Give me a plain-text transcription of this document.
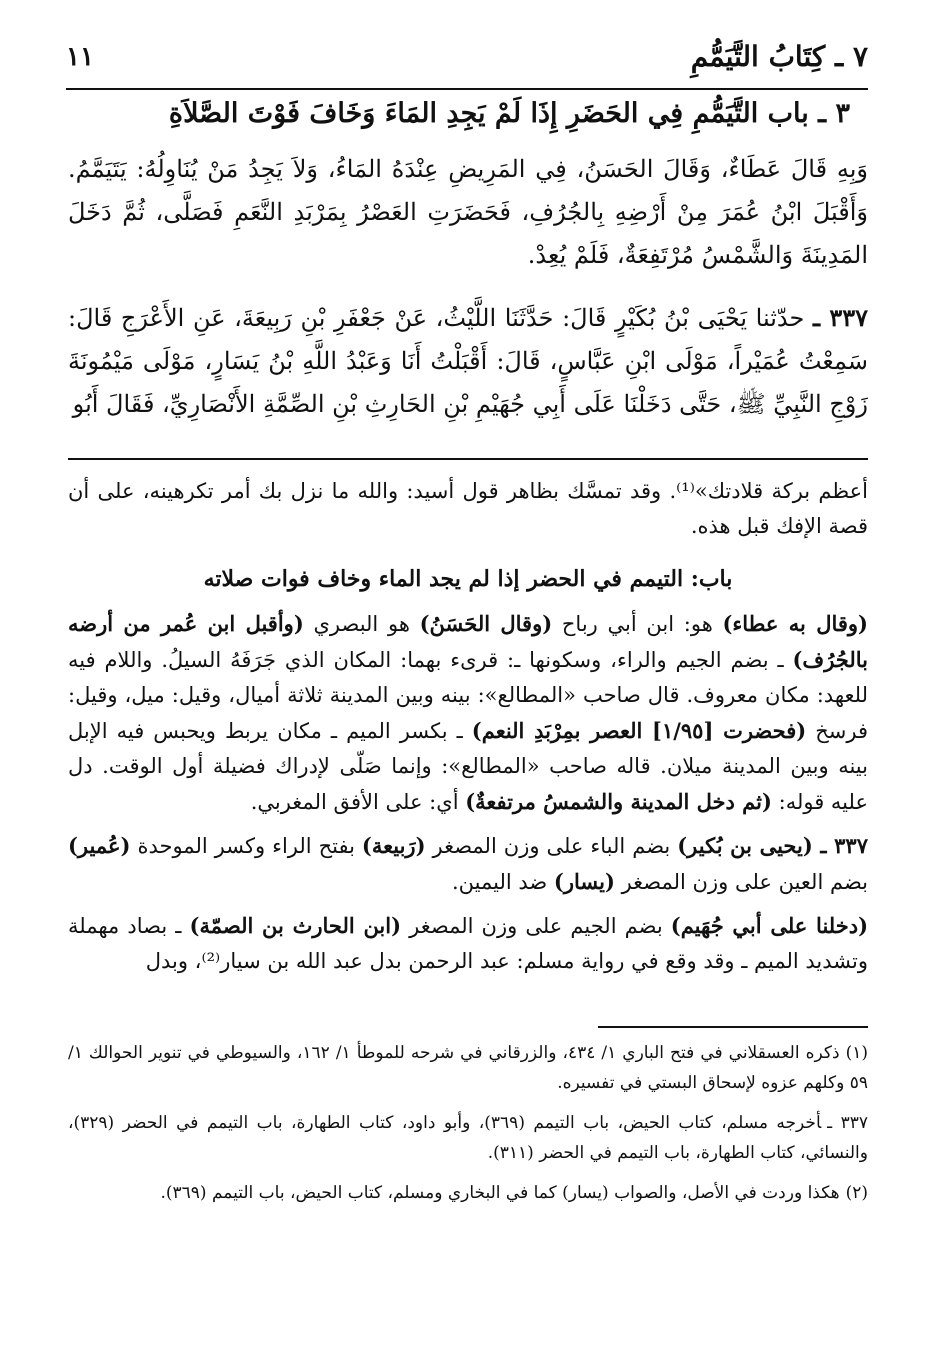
٧ ـ كِتَابُ التَّيَمُّمِ
١١
٣ ـ باب التَّيَمُّمِ فِي الحَضَرِ إِذَا لَمْ يَجِدِ المَاءَ وَخَافَ فَوْتَ الصَّلاَةِ

وَبِهِ قَالَ عَطَاءٌ، وَقَالَ الحَسَنُ، فِي المَرِيضِ عِنْدَهُ المَاءُ، وَلاَ يَجِدُ مَنْ يُنَاوِلُهُ: يَتَيَمَّمُ. وَأَقْبَلَ ابْنُ عُمَرَ مِنْ أَرْضِهِ بِالجُرُفِ، فَحَضَرَتِ العَصْرُ بِمَرْبَدِ النَّعَمِ فَصَلَّى، ثُمَّ دَخَلَ المَدِينَةَ وَالشَّمْسُ مُرْتَفِعَةٌ، فَلَمْ يُعِدْ.

٣٣٧ ـ حدّثنا يَحْيَى بْنُ بُكَيْرٍ قَالَ: حَدَّثَنَا اللَّيْثُ، عَنْ جَعْفَرِ بْنِ رَبِيعَةَ، عَنِ الأَعْرَجِ قَالَ: سَمِعْتُ عُمَيْراً، مَوْلَى ابْنِ عَبَّاسٍ، قَالَ: أَقْبَلْتُ أَنَا وَعَبْدُ اللَّهِ بْنُ يَسَارٍ، مَوْلَى مَيْمُونَةَ زَوْجِ النَّبِيِّ ﷺ، حَتَّى دَخَلْنَا عَلَى أَبِي جُهَيْمِ بْنِ الحَارِثِ بْنِ الصِّمَّةِ الأَنْصَارِيِّ، فَقَالَ أَبُو

أعظم بركة قلادتك»⁽¹⁾. وقد تمسَّك بظاهر قول أسيد: والله ما نزل بك أمر تكرهينه، على أن قصة الإفك قبل هذه.

باب: التيمم في الحضر إذا لم يجد الماء وخاف فوات صلاته

(وقال به عطاء) هو: ابن أبي رباح (وقال الحَسَنُ) هو البصري (وأقبل ابن عُمر من أرضه بالجُرُف) ـ بضم الجيم والراء، وسكونها ـ: قرىء بهما: المكان الذي جَرَفَهُ السيلُ. واللام فيه للعهد: مكان معروف. قال صاحب «المطالع»: بينه وبين المدينة ثلاثة أميال، وقيل: ميل، وقيل: فرسخ (فحضرت [١/٩٥] العصر بمِرْبَدِ النعم) ـ بكسر الميم ـ مكان يربط ويحبس فيه الإبل بينه وبين المدينة ميلان. قاله صاحب «المطالع»: وإنما صَلّى لإدراك فضيلة أول الوقت. دل عليه قوله: (ثم دخل المدينة والشمسُ مرتفعةٌ) أي: على الأفق المغربي.

٣٣٧ ـ (يحيى بن بُكير) بضم الباء على وزن المصغر (رَبيعة) بفتح الراء وكسر الموحدة (عُمير) بضم العين على وزن المصغر (يسار) ضد اليمين.

(دخلنا على أبي جُهَيم) بضم الجيم على وزن المصغر (ابن الحارث بن الصمّة) ـ بصاد مهملة وتشديد الميم ـ وقد وقع في رواية مسلم: عبد الرحمن بدل عبد الله بن سيار⁽²⁾، وبدل

(١)ذكره العسقلاني في فتح الباري ١/ ٤٣٤، والزرقاني في شرحه للموطأ ١/ ١٦٢، والسيوطي في تنوير الحوالك ١/ ٥٩ وكلهم عزوه لإسحاق البستي في تفسيره.

٣٣٧ ـأخرجه مسلم، كتاب الحيض، باب التيمم (٣٦٩)، وأبو داود، كتاب الطهارة، باب التيمم في الحضر (٣٢٩)، والنسائي، كتاب الطهارة، باب التيمم في الحضر (٣١١).

(٢)هكذا وردت في الأصل، والصواب (يسار) كما في البخاري ومسلم، كتاب الحيض، باب التيمم (٣٦٩).
